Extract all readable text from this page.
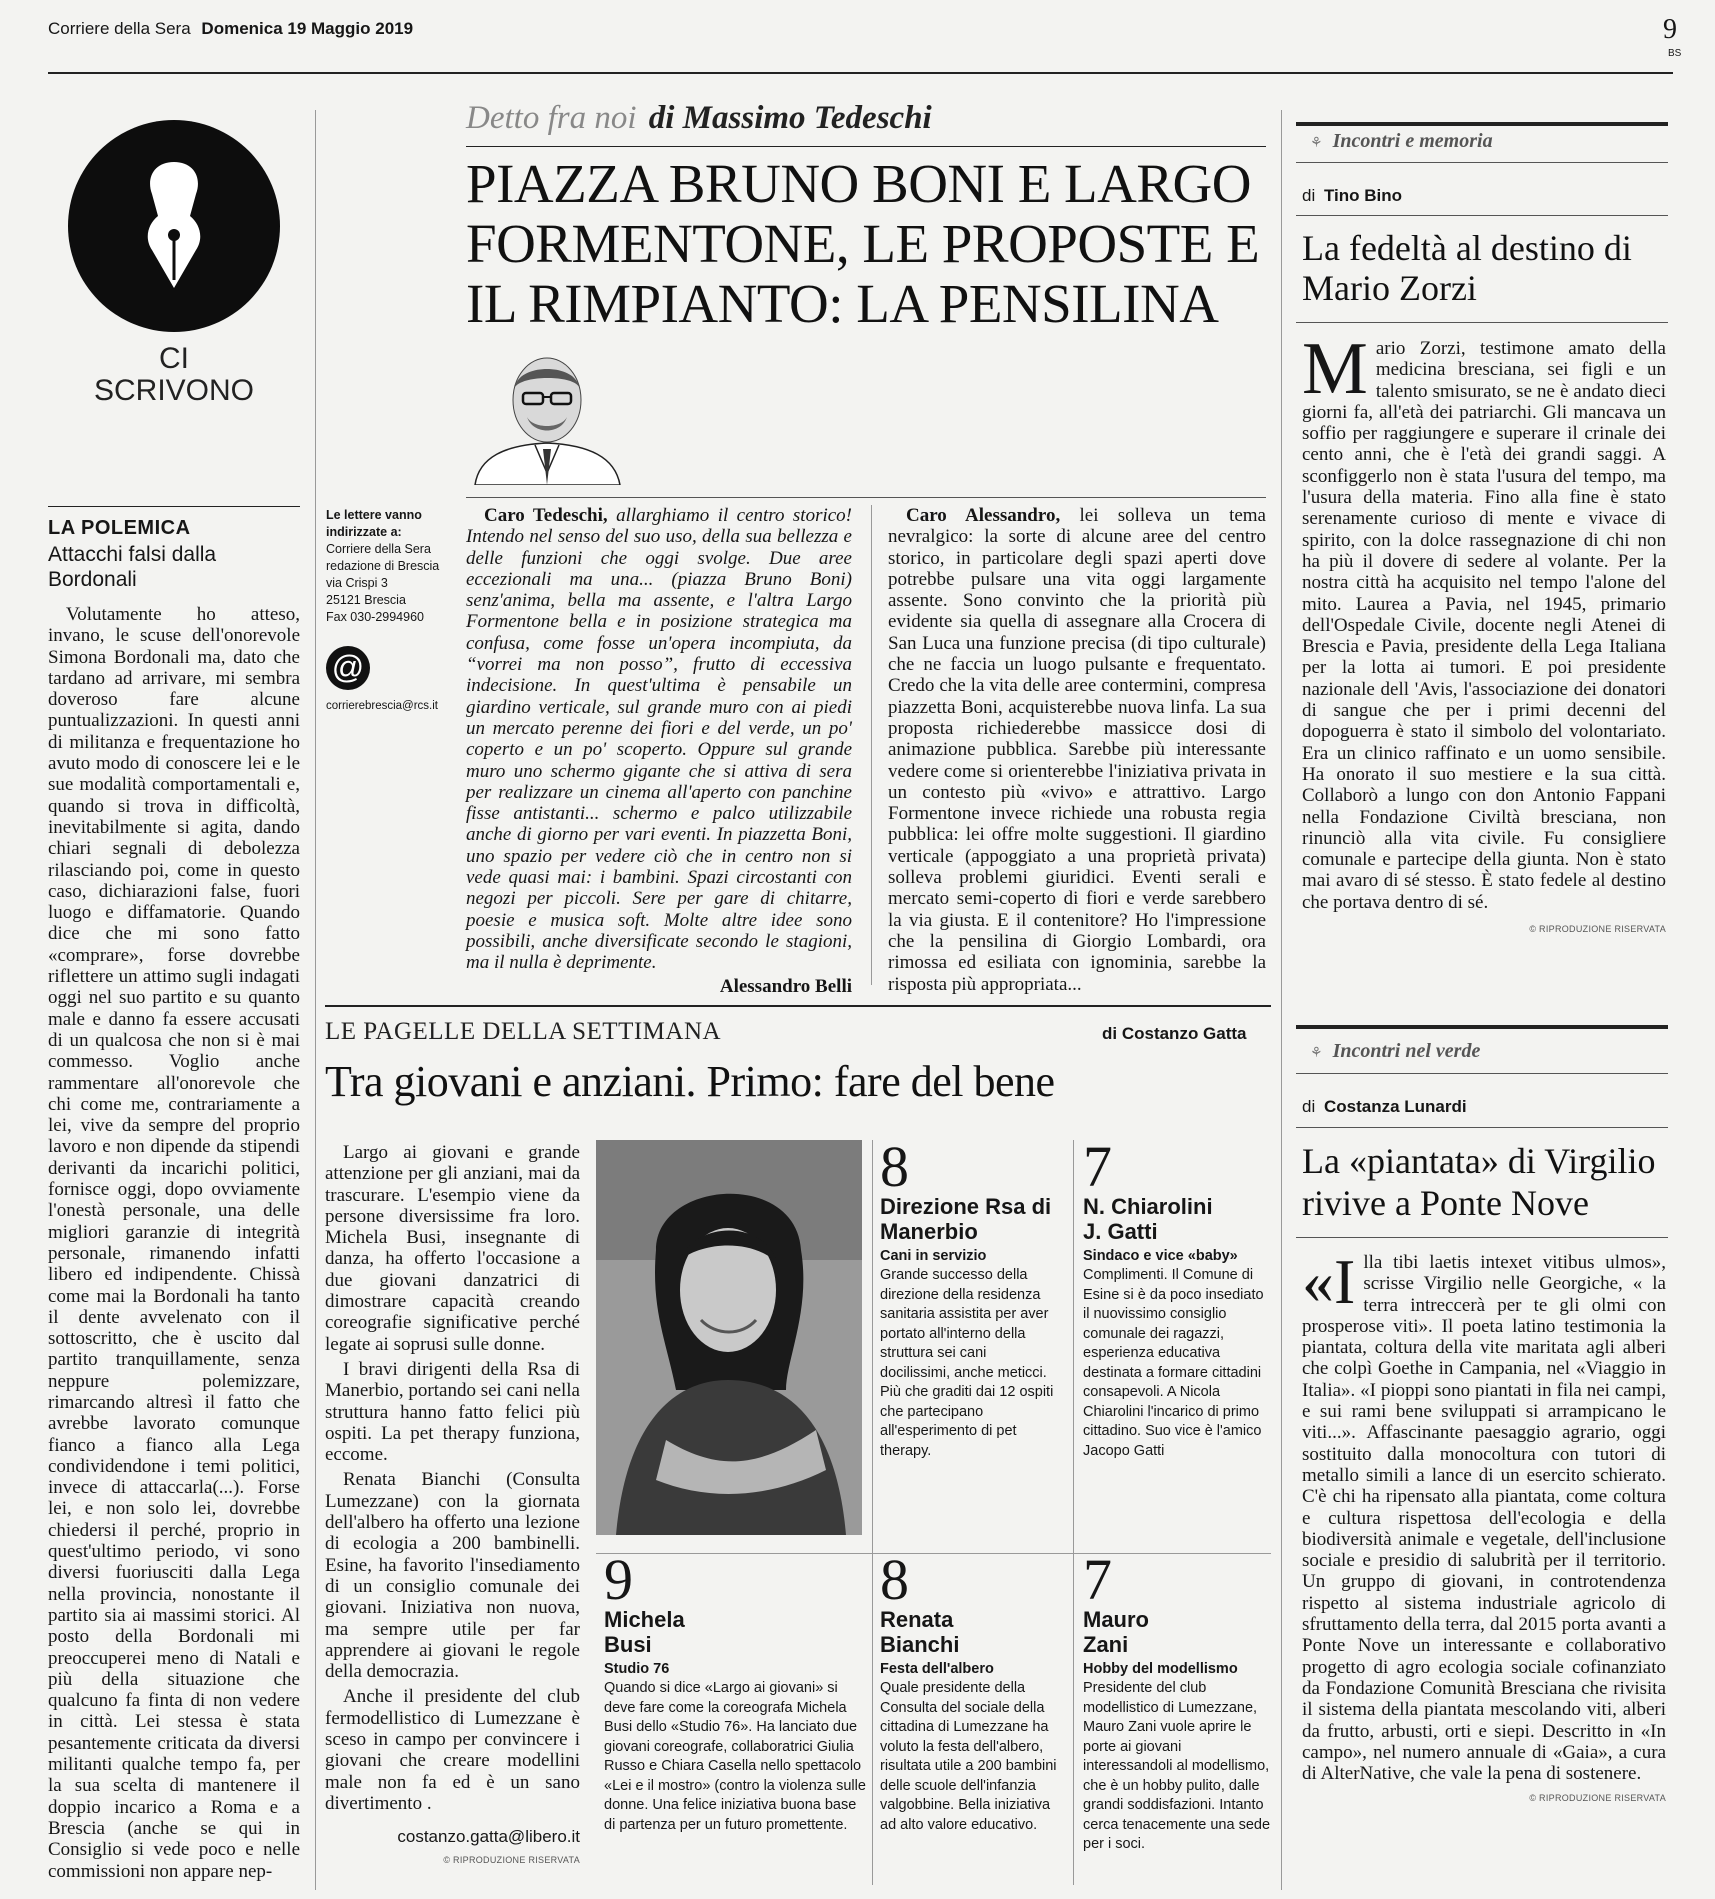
Corriere della Sera Domenica 19 Maggio 2019	9
BS
CI
SCRIVONO
Le lettere vanno indirizzate a:
Corriere della Sera
redazione di Brescia
via Crispi 3
25121 Brescia
Fax 030-2994960
@
corrierebrescia@rcs.it
LA POLEMICA
Attacchi falsi dalla Bordonali
Volutamente ho atteso, invano, le scuse dell'onorevole Simona Bordonali ma, dato che tardano ad arrivare, mi sembra doveroso fare alcune puntualizzazioni. In questi anni di militanza e frequentazione ho avuto modo di conoscere lei e le sue modalità comportamentali e, quando si trova in difficoltà, inevitabilmente si agita, dando chiari segnali di debolezza rilasciando poi, come in questo caso, dichiarazioni false, fuori luogo e diffamatorie. Quando dice che mi sono fatto «comprare», forse dovrebbe riflettere un attimo sugli indagati oggi nel suo partito e su quanto male e danno fa essere accusati di un qualcosa che non si è mai commesso. Voglio anche rammentare all'onorevole che chi come me, contrariamente a lei, vive da sempre del proprio lavoro e non dipende da stipendi derivanti da incarichi politici, fornisce oggi, dopo ovviamente l'onestà personale, una delle migliori garanzie di integrità personale, rimanendo infatti libero ed indipendente. Chissà come mai la Bordonali ha tanto il dente avvelenato con il sottoscritto, che è uscito dal partito tranquillamente, senza neppure polemizzare, rimarcando altresì il fatto che avrebbe lavorato comunque fianco a fianco alla Lega condividendone i temi politici, invece di attaccarla(...). Forse lei, e non solo lei, dovrebbe chiedersi il perché, proprio in quest'ultimo periodo, vi sono diversi fuoriusciti dalla Lega nella provincia, nonostante il partito sia ai massimi storici. Al posto della Bordonali mi preoccuperei meno di Natali e più della situazione che qualcuno fa finta di non vedere in città. Lei stessa è stata pesantemente criticata da diversi militanti qualche tempo fa, per la sua scelta di mantenere il doppio incarico a Roma e a Brescia (anche se qui in Consiglio si vede poco e nelle commissioni non appare nep-
Detto fra noi di Massimo Tedeschi
PIAZZA BRUNO BONI E LARGO FORMENTONE, LE PROPOSTE E IL RIMPIANTO: LA PENSILINA
Caro Tedeschi, allarghiamo il centro storico! Intendo nel senso del suo uso, della sua bellezza e delle funzioni che oggi svolge. Due aree eccezionali ma una... (piazza Bruno Boni) senz'anima, bella ma assente, e l'altra Largo Formentone bella e in posizione strategica ma confusa, come fosse un'opera incompiuta, da “vorrei ma non posso”, frutto di eccessiva indecisione. In quest'ultima è pensabile un giardino verticale, sul grande muro con ai piedi un mercato perenne dei fiori e del verde, un po' coperto e un po' scoperto. Oppure sul grande muro uno schermo gigante che si attiva di sera per realizzare un cinema all'aperto con panchine fisse antistanti... schermo e palco utilizzabile anche di giorno per vari eventi. In piazzetta Boni, uno spazio per vedere ciò che in centro non si vede quasi mai: i bambini. Spazi circostanti con negozi per piccoli. Sere per gare di chitarre, poesie e musica soft. Molte altre idee sono possibili, anche diversificate secondo le stagioni, ma il nulla è deprimente.
Alessandro Belli
Caro Alessandro, lei solleva un tema nevralgico: la sorte di alcune aree del centro storico, in particolare degli spazi aperti dove potrebbe pulsare una vita oggi largamente assente. Sono convinto che la priorità più evidente sia quella di assegnare alla Crocera di San Luca una funzione precisa (di tipo culturale) che ne faccia un luogo pulsante e frequentato. Credo che la vita delle aree contermini, compresa piazzetta Boni, acquisterebbe nuova linfa. La sua proposta richiederebbe massicce dosi di animazione pubblica. Sarebbe più interessante vedere come si orienterebbe l'iniziativa privata in un contesto più «vivo» e attrattivo. Largo Formentone invece richiede una robusta regia pubblica: lei offre molte suggestioni. Il giardino verticale (appoggiato a una proprietà privata) solleva problemi giuridici. Eventi serali e mercato semi-coperto di fiori e verde sarebbero la via giusta. E il contenitore? Ho l'impressione che la pensilina di Giorgio Lombardi, ora rimossa ed esiliata con ignominia, sarebbe la risposta più appropriata...
LE PAGELLE DELLA SETTIMANA	di Costanzo Gatta
Tra giovani e anziani. Primo: fare del bene

Largo ai giovani e grande attenzione per gli anziani, mai da trascurare. L'esempio viene da persone diversissime fra loro. Michela Busi, insegnante di danza, ha offerto l'occasione a due giovani danzatrici di dimostrare capacità creando coreografie significative perché legate ai soprusi sulle donne.

I bravi dirigenti della Rsa di Manerbio, portando sei cani nella struttura hanno fatto felici più ospiti. La pet therapy funziona, eccome.

Renata Bianchi (Consulta Lumezzane) con la giornata dell'albero ha offerto una lezione di ecologia a 200 bambinelli. Esine, ha favorito l'insediamento di un consiglio comunale dei giovani. Iniziativa non nuova, ma sempre utile per far apprendere ai giovani le regole della democrazia.

Anche il presidente del club fermodellistico di Lumezzane è sceso in campo per convincere i giovani che creare modellini male non fa ed è un sano divertimento .

costanzo.gatta@libero.it
© RIPRODUZIONE RISERVATA
8
Direzione Rsa di Manerbio
Cani in servizio
Grande successo della direzione della residenza sanitaria assistita per aver portato all'interno della struttura sei cani docilissimi, anche meticci. Più che graditi dai 12 ospiti che partecipano all'esperimento di pet therapy.
7
N. Chiarolini J. Gatti
Sindaco e vice «baby»
Complimenti. Il Comune di Esine si è da poco insediato il nuovissimo consiglio comunale dei ragazzi, esperienza educativa destinata a formare cittadini consapevoli. A Nicola Chiarolini l'incarico di primo cittadino. Suo vice è l'amico Jacopo Gatti
9
Michela Busi
Studio 76
Quando si dice «Largo ai giovani» si deve fare come la coreografa Michela Busi dello «Studio 76». Ha lanciato due giovani coreografe, collaboratrici Giulia Russo e Chiara Casella nello spettacolo «Lei e il mostro» (contro la violenza sulle donne. Una felice iniziativa buona base di partenza per un futuro promettente.
8
Renata Bianchi
Festa dell'albero
Quale presidente della Consulta del sociale della cittadina di Lumezzane ha voluto la festa dell'albero, risultata utile a 200 bambini delle scuole dell'infanzia valgobbine. Bella iniziativa ad alto valore educativo.
7
Mauro Zani
Hobby del modellismo
Presidente del club modellistico di Lumezzane, Mauro Zani vuole aprire le porte ai giovani interessandoli al modellismo, che è un hobby pulito, dalle grandi soddisfazioni. Intanto cerca tenacemente una sede per i soci.
⚘ Incontri e memoria
di Tino Bino
La fedeltà al destino di Mario Zorzi
M ario Zorzi, testimone amato della medicina bresciana, sei figli e un talento smisurato, se ne è andato dieci giorni fa, all'età dei patriarchi. Gli mancava un soffio per raggiungere e superare il crinale dei cento anni, che è l'età dei grandi saggi. A sconfiggerlo non è stata l'usura del tempo, ma l'usura della materia. Fino alla fine è stato serenamente curioso di mente e vivace di spirito, con la dolce rassegnazione di chi non ha più il dovere di sedere al volante. Per la nostra città ha acquisito nel tempo l'alone del mito. Laurea a Pavia, nel 1945, primario dell'Ospedale Civile, docente negli Atenei di Brescia e Pavia, presidente della Lega Italiana per la lotta ai tumori. E poi presidente nazionale dell 'Avis, l'associazione dei donatori di sangue che per i primi decenni del dopoguerra è stato il simbolo del volontariato. Era un clinico raffinato e un uomo sensibile. Ha onorato il suo mestiere e la sua città. Collaborò a lungo con don Antonio Fappani nella Fondazione Civiltà bresciana, non rinunciò alla vita civile. Fu consigliere comunale e partecipe della giunta. Non è stato mai avaro di sé stesso. È stato fedele al destino che portava dentro di sé.
© RIPRODUZIONE RISERVATA
⚘ Incontri nel verde
di Costanza Lunardi
La «piantata» di Virgilio rivive a Ponte Nove
«I lla tibi laetis intexet vitibus ulmos», scrisse Virgilio nelle Georgiche, « la terra intreccerà per te gli olmi con prosperose viti». Il poeta latino testimonia la piantata, coltura della vite maritata agli alberi che colpì Goethe in Campania, nel «Viaggio in Italia». «I pioppi sono piantati in fila nei campi, e sui rami bene sviluppati si arrampicano le viti...». Affascinante paesaggio agrario, oggi sostituito dalla monocoltura con tutori di metallo simili a lance di un esercito schierato. C'è chi ha ripensato alla piantata, come coltura e cultura rispettosa dell'ecologia e della biodiversità animale e vegetale, dell'inclusione sociale e presidio di salubrità per il territorio. Un gruppo di giovani, in controtendenza rispetto al sistema industriale agricolo di sfruttamento della terra, dal 2015 porta avanti a Ponte Nove un interessante e collaborativo progetto di agro ecologia sociale cofinanziato da Fondazione Comunità Bresciana che rivisita il sistema della piantata mescolando viti, alberi da frutto, arbusti, orti e siepi. Descritto in «In campo», nel numero annuale di «Gaia», a cura di AlterNative, che vale la pena di sostenere.
© RIPRODUZIONE RISERVATA
